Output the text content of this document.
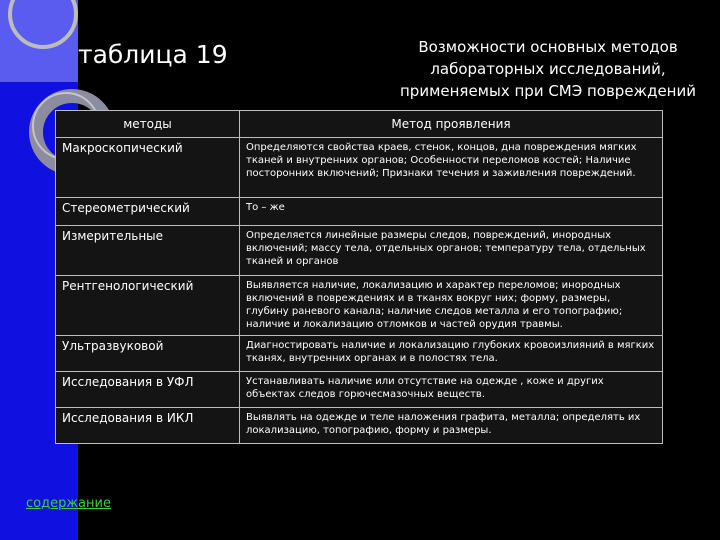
таблица 19	Возможности основных методов
лабораторных исследований,
применяемых при СМЭ повреждений
методы	Метод проявления
Макроскопический	Определяются свойства краев, стенок, концов, дна повреждения мягких тканей и внутренних органов; Особенности переломов костей; Наличие посторонних включений; Признаки течения и заживления повреждений.
Стереометрический	То – же
Измерительные	Определяется линейные размеры следов, повреждений, инородных включений; массу тела, отдельных органов; температуру тела, отдельных тканей и органов
Рентгенологический	Выявляется наличие, локализацию и характер переломов; инородных включений в повреждениях и в тканях вокруг них; форму, размеры, глубину раневого канала; наличие следов металла и его топографию; наличие и локализацию отломков и частей орудия травмы.
Ультразвуковой	Диагностировать наличие и локализацию глубоких кровоизлияний в мягких тканях, внутренних органах и в полостях тела.
Исследования в УФЛ	Устанавливать наличие или отсутствие на одежде , коже и других объектах следов горючесмазочных веществ.
Исследования в ИКЛ	Выявлять на одежде и теле наложения графита, металла; определять их локализацию, топографию, форму и размеры.
содержание
